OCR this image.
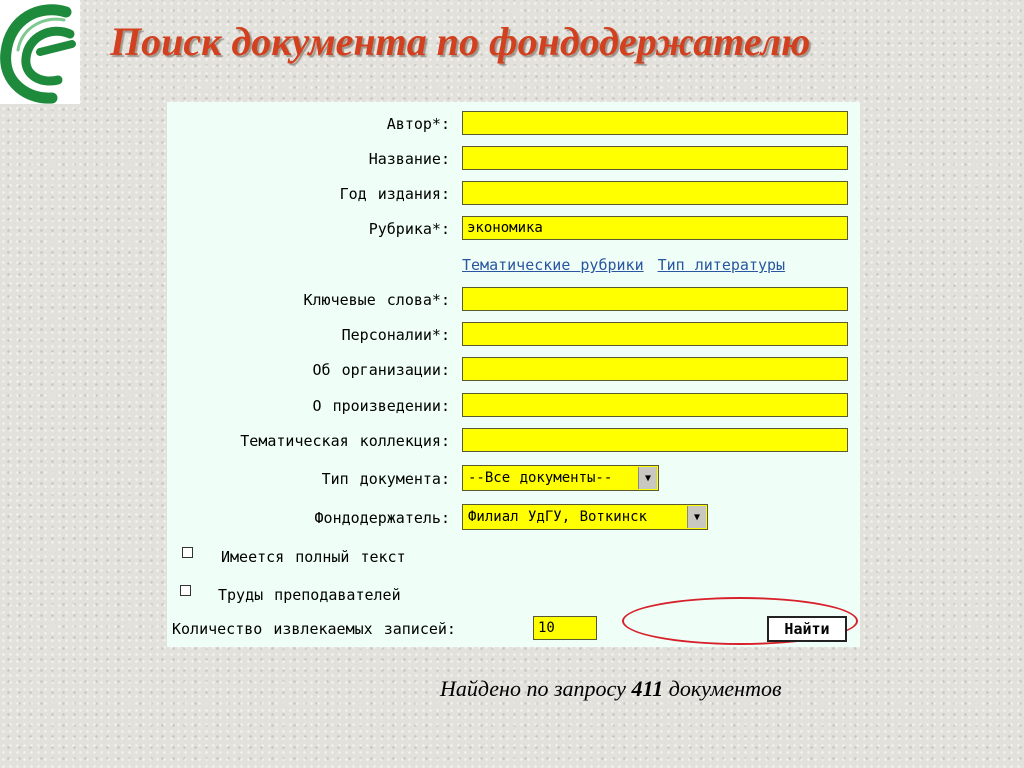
Поиск документа по фондодержателю
Автор*:
Название:
Год издания:
Рубрика*:
экономика
Тематические рубрики Тип литературы
Ключевые слова*:
Персоналии*:
Об организации:
О произведении:
Тематическая коллекция:
Тип документа:	--Все документы--	▼
Фондодержатель:	Филиал УдГУ, Воткинск	▼
Имеется полный текст
Труды преподавателей
Количество извлекаемых записей:
10	Найти
Найдено по запросу 411 документов
